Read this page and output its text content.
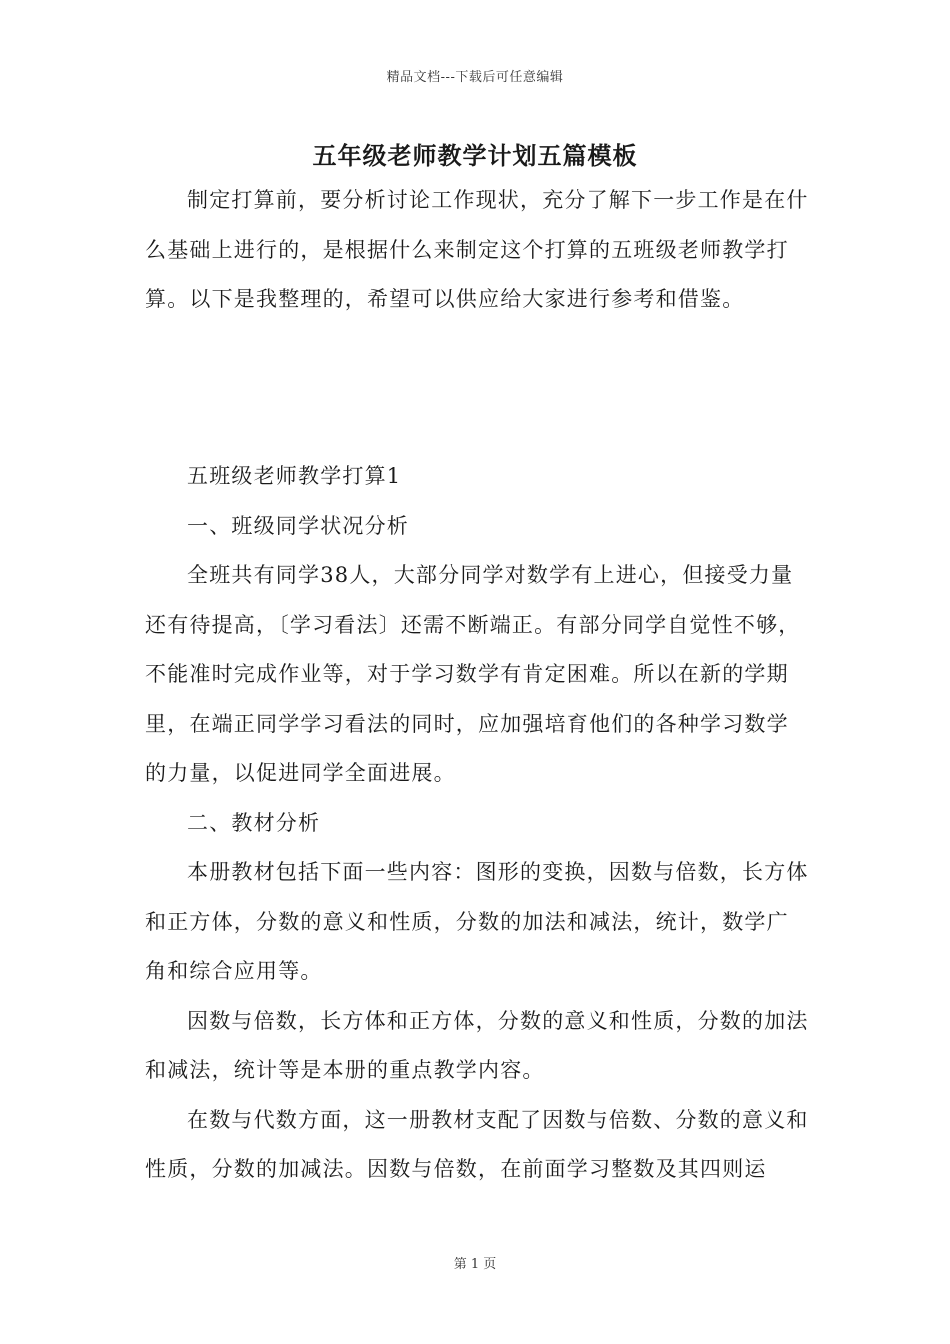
精品文档---下载后可任意编辑
五年级老师教学计划五篇模板

制定打算前，要分析讨论工作现状，充分了解下一步工作是在什么基础上进行的，是根据什么来制定这个打算的五班级老师教学打算。以下是我整理的，希望可以供应给大家进行参考和借鉴。

五班级老师教学打算1

一、班级同学状况分析

全班共有同学38人，大部分同学对数学有上进心，但接受力量还有待提高，〔学习看法〕还需不断端正。有部分同学自觉性不够，不能准时完成作业等，对于学习数学有肯定困难。所以在新的学期里，在端正同学学习看法的同时，应加强培育他们的各种学习数学的力量，以促进同学全面进展。

二、教材分析

本册教材包括下面一些内容：图形的变换，因数与倍数，长方体和正方体，分数的意义和性质，分数的加法和减法，统计，数学广角和综合应用等。

因数与倍数，长方体和正方体，分数的意义和性质，分数的加法和减法，统计等是本册的重点教学内容。

在数与代数方面，这一册教材支配了因数与倍数、分数的意义和性质，分数的加减法。因数与倍数，在前面学习整数及其四则运

第 1 页
